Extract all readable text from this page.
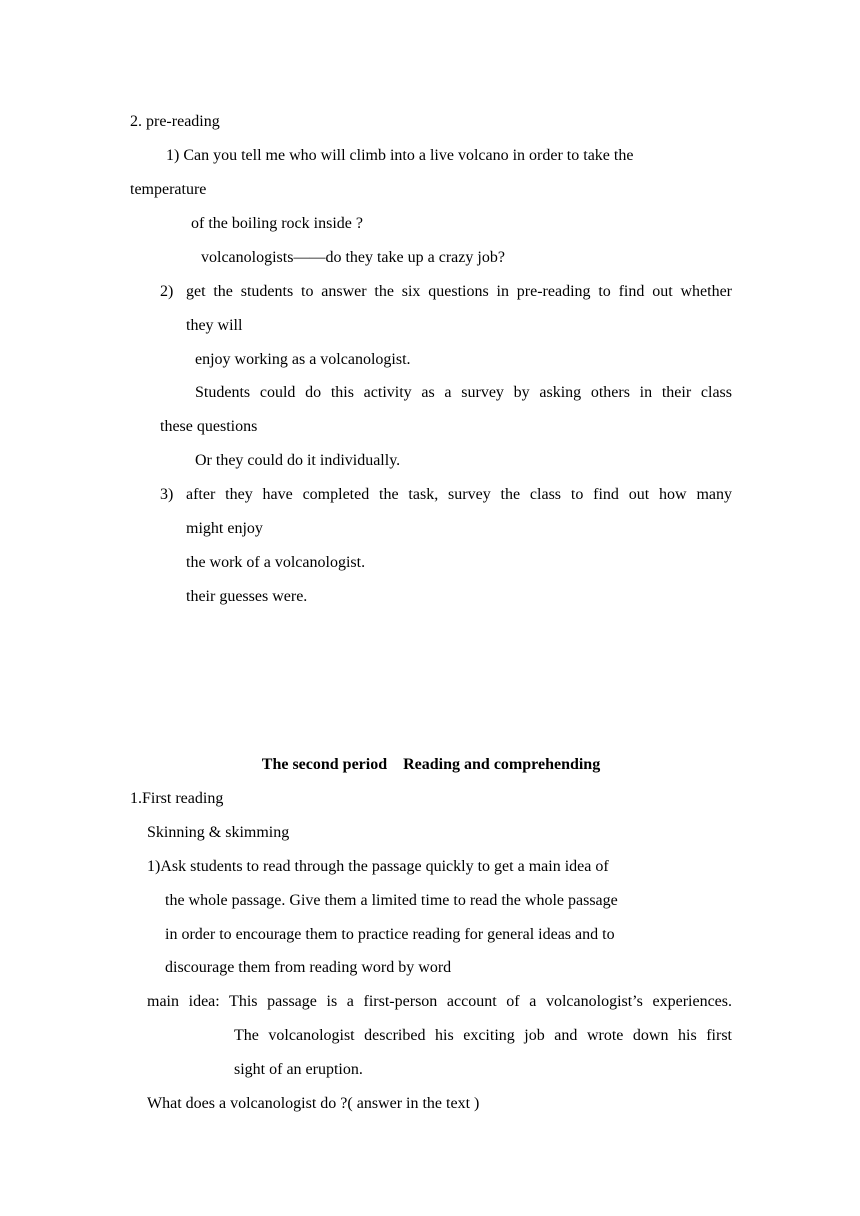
2. pre-reading
1) Can you tell me who will climb into a live volcano in order to take the
temperature
of the boiling rock inside ?
volcanologists——do they take up a crazy job?
2) get the students to answer the six questions in pre-reading to find out whether
they will
enjoy working as a volcanologist.
Students could do this activity as a survey by asking others in their class
these questions
Or they could do it individually.
3) after they have completed the task, survey the class to find out how many
might enjoy
the work of a volcanologist.
their guesses were.
The second period    Reading and comprehending
1.First reading
Skinning & skimming
1)Ask students to read through the passage quickly to get a main idea of
the whole passage. Give them a limited time to read the whole passage
in order to encourage them to practice reading for general ideas and to
discourage them from reading word by word
main idea: This passage is a first-person account of a volcanologist’s experiences.
The volcanologist described his exciting job and wrote down his first
sight of an eruption.
What does a volcanologist do ?( answer in the text )
